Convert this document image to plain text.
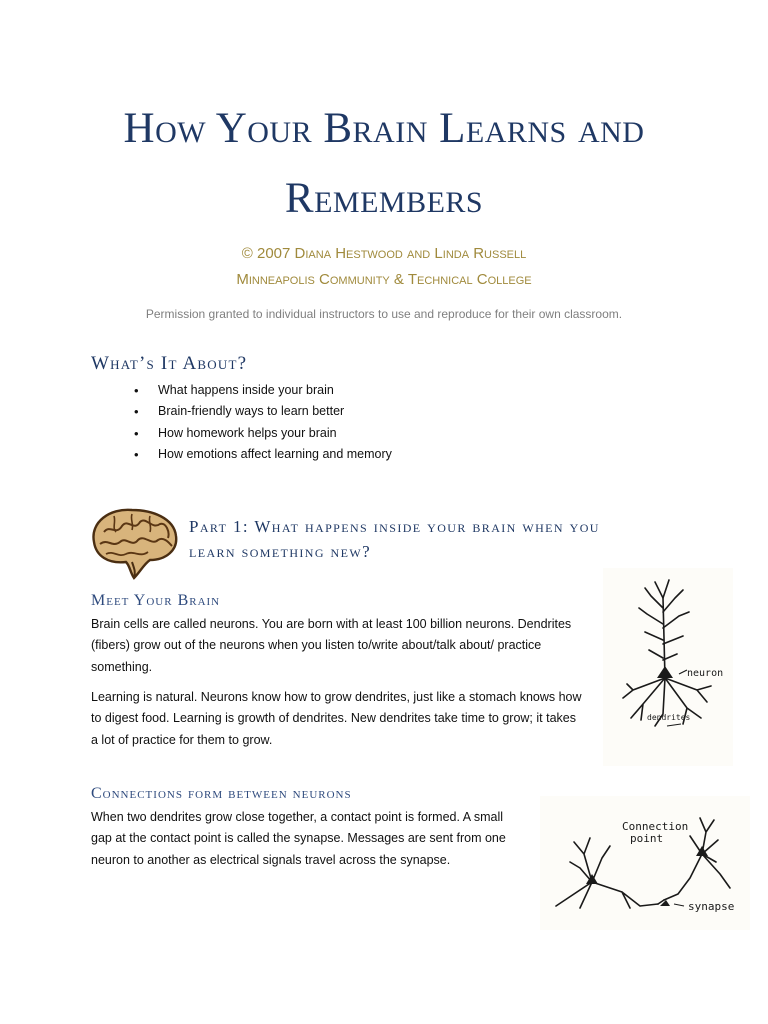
How Your Brain Learns and
Remembers
© 2007 Diana Hestwood and Linda Russell
Minneapolis Community & Technical College
Permission granted to individual instructors to use and reproduce for their own classroom.
What’s It About?
• What happens inside your brain
• Brain-friendly ways to learn better
• How homework helps your brain
• How emotions affect learning and memory
Part 1: What happens inside your brain when you
learn something new?
Meet Your Brain
Brain cells are called neurons. You are born with at least 100 billion neurons. Dendrites
(fibers) grow out of the neurons when you listen to/write about/talk about/ practice
something.
Learning is natural. Neurons know how to grow dendrites, just like a stomach knows how
to digest food. Learning is growth of dendrites. New dendrites take time to grow; it takes
a lot of practice for them to grow.
neuron
dendrites
Connections form between neurons
When two dendrites grow close together, a contact point is formed. A small
gap at the contact point is called the synapse. Messages are sent from one
neuron to another as electrical signals travel across the synapse.
Connection
point
synapse
